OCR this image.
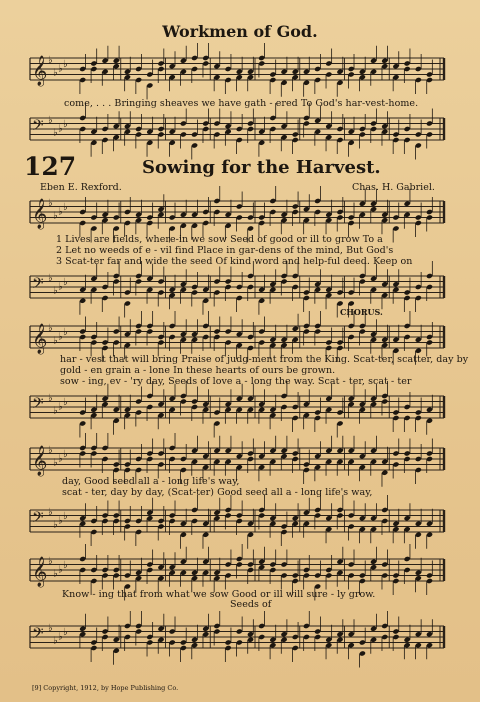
Workmen of God.
𝄞 ♭
♭ ♭ ♭
come, . . . Bringing sheaves we have gath - ered To God's har-vest-home.
𝄢 ♭
♭ ♭ ♭
127	Sowing for the Harvest.
Eben E. Rexford.	Chas. H. Gabriel.
𝄞 ♭
♭ ♭ ♭
1 Lives are fields, where-in we sow Seed of good or ill to grow To a
2 Let no weeds of e - vil find Place in gar-dens of the mind, But God's
3 Scat-ter far and wide the seed Of kind word and help-ful deed. Keep on
𝄢 ♭
♭ ♭ ♭
CHORUS.
𝄞 ♭
♭ ♭ ♭
har - vest that will bring Praise of judg-ment from the King. Scat-ter, scatter, day by
gold - en grain a - lone In these hearts of ours be grown.
sow - ing, ev - 'ry day, Seeds of love a - long the way. Scat - ter, scat - ter
𝄢 ♭
♭ ♭ ♭
𝄞 ♭
♭ ♭ ♭
day, Good seed all a - long life's way,
scat - ter, day by day, (Scat-ter) Good seed all a - long life's way,
𝄢 ♭
♭ ♭ ♭
𝄞 ♭
♭ ♭ ♭
Know - ing that from what we sow Good or ill will sure - ly grow.
Seeds of
𝄢 ♭
♭ ♭ ♭
[9] Copyright, 1912, by Hope Publishing Co.
